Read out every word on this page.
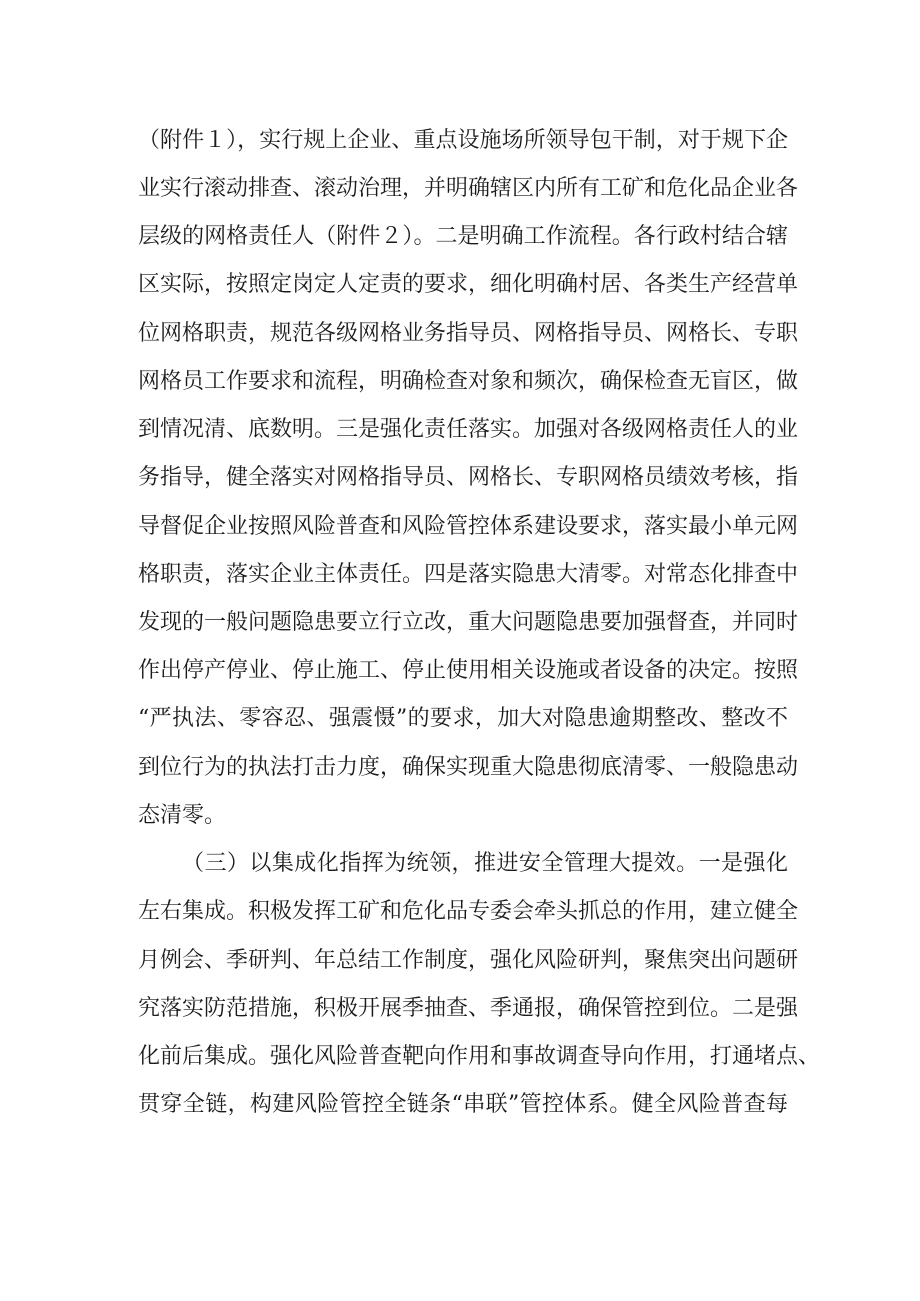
（附件１），实行规上企业、重点设施场所领导包干制，对于规下企
业实行滚动排查、滚动治理，并明确辖区内所有工矿和危化品企业各
层级的网格责任人（附件２）。二是明确工作流程。各行政村结合辖
区实际，按照定岗定人定责的要求，细化明确村居、各类生产经营单
位网格职责，规范各级网格业务指导员、网格指导员、网格长、专职
网格员工作要求和流程，明确检查对象和频次，确保检查无盲区，做
到情况清、底数明。三是强化责任落实。加强对各级网格责任人的业
务指导，健全落实对网格指导员、网格长、专职网格员绩效考核，指
导督促企业按照风险普查和风险管控体系建设要求，落实最小单元网
格职责，落实企业主体责任。四是落实隐患大清零。对常态化排查中
发现的一般问题隐患要立行立改，重大问题隐患要加强督查，并同时
作出停产停业、停止施工、停止使用相关设施或者设备的决定。按照
“严执法、零容忍、强震慑”的要求，加大对隐患逾期整改、整改不
到位行为的执法打击力度，确保实现重大隐患彻底清零、一般隐患动
态清零。
（三）以集成化指挥为统领，推进安全管理大提效。一是强化
左右集成。积极发挥工矿和危化品专委会牵头抓总的作用，建立健全
月例会、季研判、年总结工作制度，强化风险研判，聚焦突出问题研
究落实防范措施，积极开展季抽查、季通报，确保管控到位。二是强
化前后集成。强化风险普查靶向作用和事故调查导向作用，打通堵点、
贯穿全链，构建风险管控全链条“串联”管控体系。健全风险普查每
